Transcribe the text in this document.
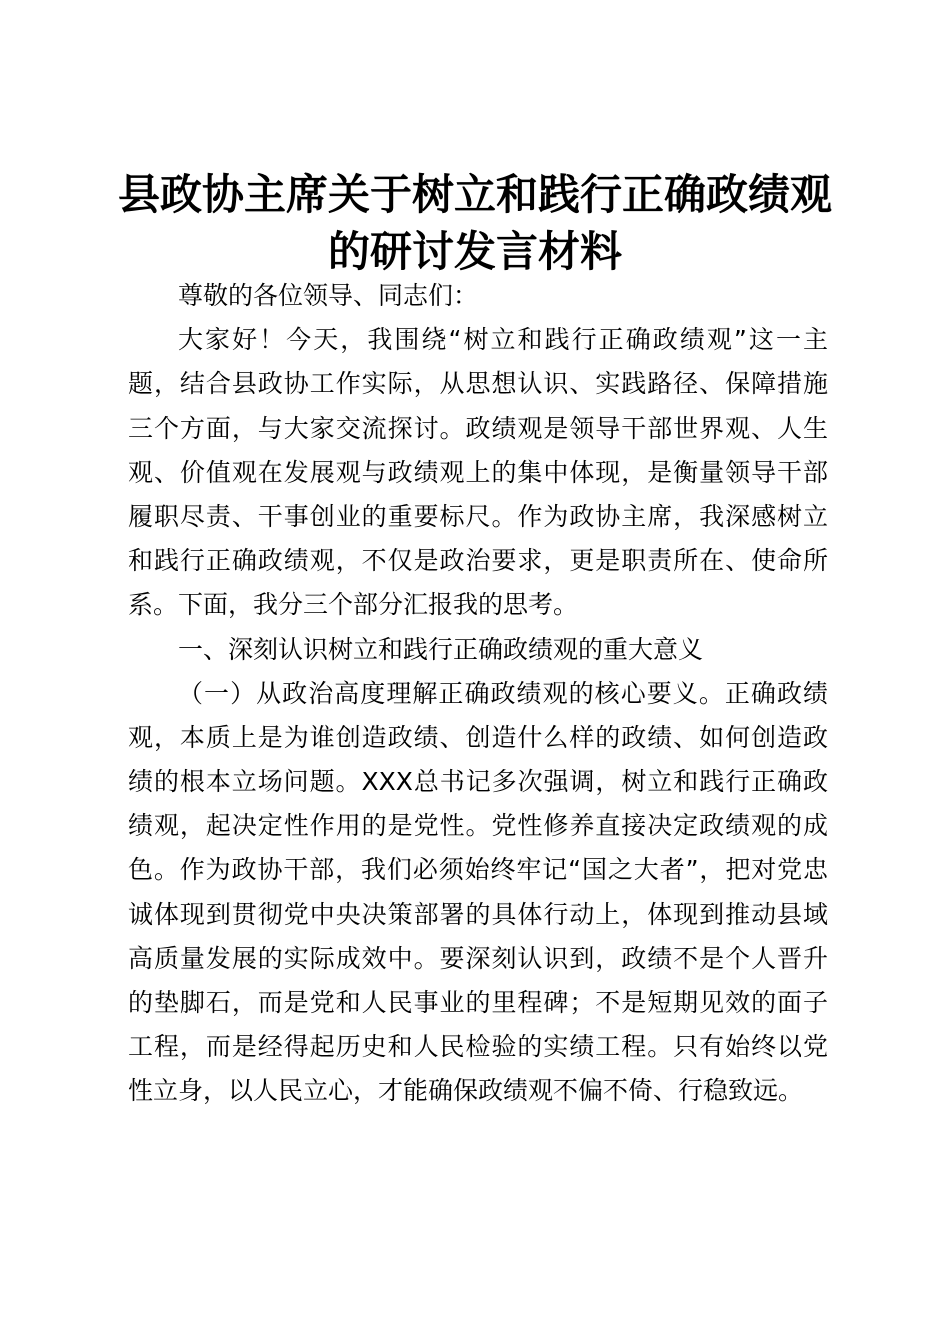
县政协主席关于树立和践行正确政绩观
的研讨发言材料
尊敬的各位领导、同志们：
大家好！今天，我围绕“树立和践行正确政绩观”这一主
题，结合县政协工作实际，从思想认识、实践路径、保障措施
三个方面，与大家交流探讨。政绩观是领导干部世界观、人生
观、价值观在发展观与政绩观上的集中体现，是衡量领导干部
履职尽责、干事创业的重要标尺。作为政协主席，我深感树立
和践行正确政绩观，不仅是政治要求，更是职责所在、使命所
系。下面，我分三个部分汇报我的思考。
一、深刻认识树立和践行正确政绩观的重大意义
（一）从政治高度理解正确政绩观的核心要义。正确政绩
观，本质上是为谁创造政绩、创造什么样的政绩、如何创造政
绩的根本立场问题。XXX总书记多次强调，树立和践行正确政
绩观，起决定性作用的是党性。党性修养直接决定政绩观的成
色。作为政协干部，我们必须始终牢记“国之大者”，把对党忠
诚体现到贯彻党中央决策部署的具体行动上，体现到推动县域
高质量发展的实际成效中。要深刻认识到，政绩不是个人晋升
的垫脚石，而是党和人民事业的里程碑；不是短期见效的面子
工程，而是经得起历史和人民检验的实绩工程。只有始终以党
性立身，以人民立心，才能确保政绩观不偏不倚、行稳致远。
